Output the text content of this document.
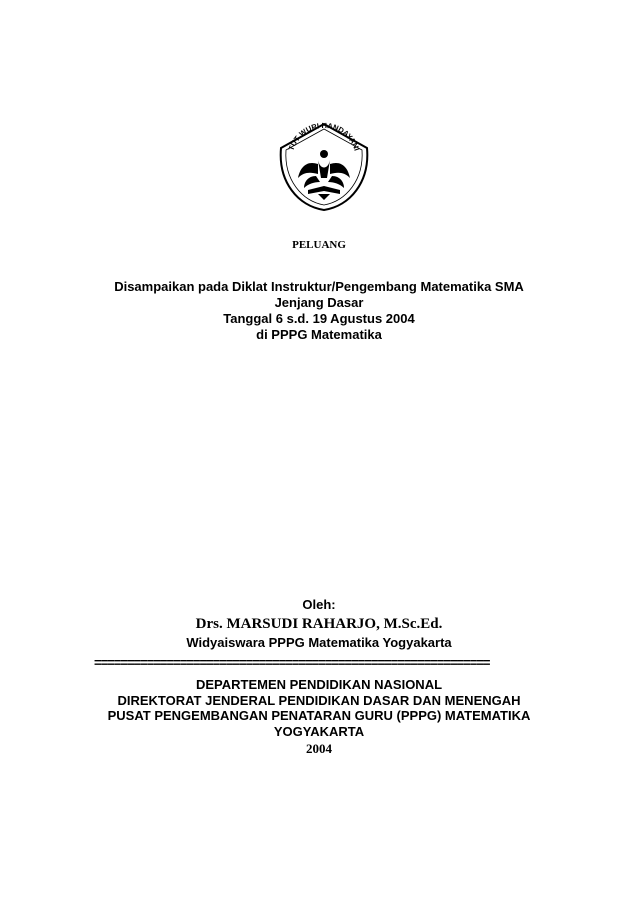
TUT WURI HANDAYANI
PELUANG
Disampaikan pada Diklat Instruktur/Pengembang Matematika SMA
Jenjang Dasar
Tanggal 6 s.d. 19 Agustus 2004
di PPPG Matematika
Oleh:
Drs. MARSUDI RAHARJO, M.Sc.Ed.
Widyaiswara PPPG Matematika Yogyakarta
============================================================
DEPARTEMEN PENDIDIKAN NASIONAL
DIREKTORAT JENDERAL PENDIDIKAN DASAR DAN MENENGAH
PUSAT PENGEMBANGAN PENATARAN GURU (PPPG) MATEMATIKA
YOGYAKARTA
2004
